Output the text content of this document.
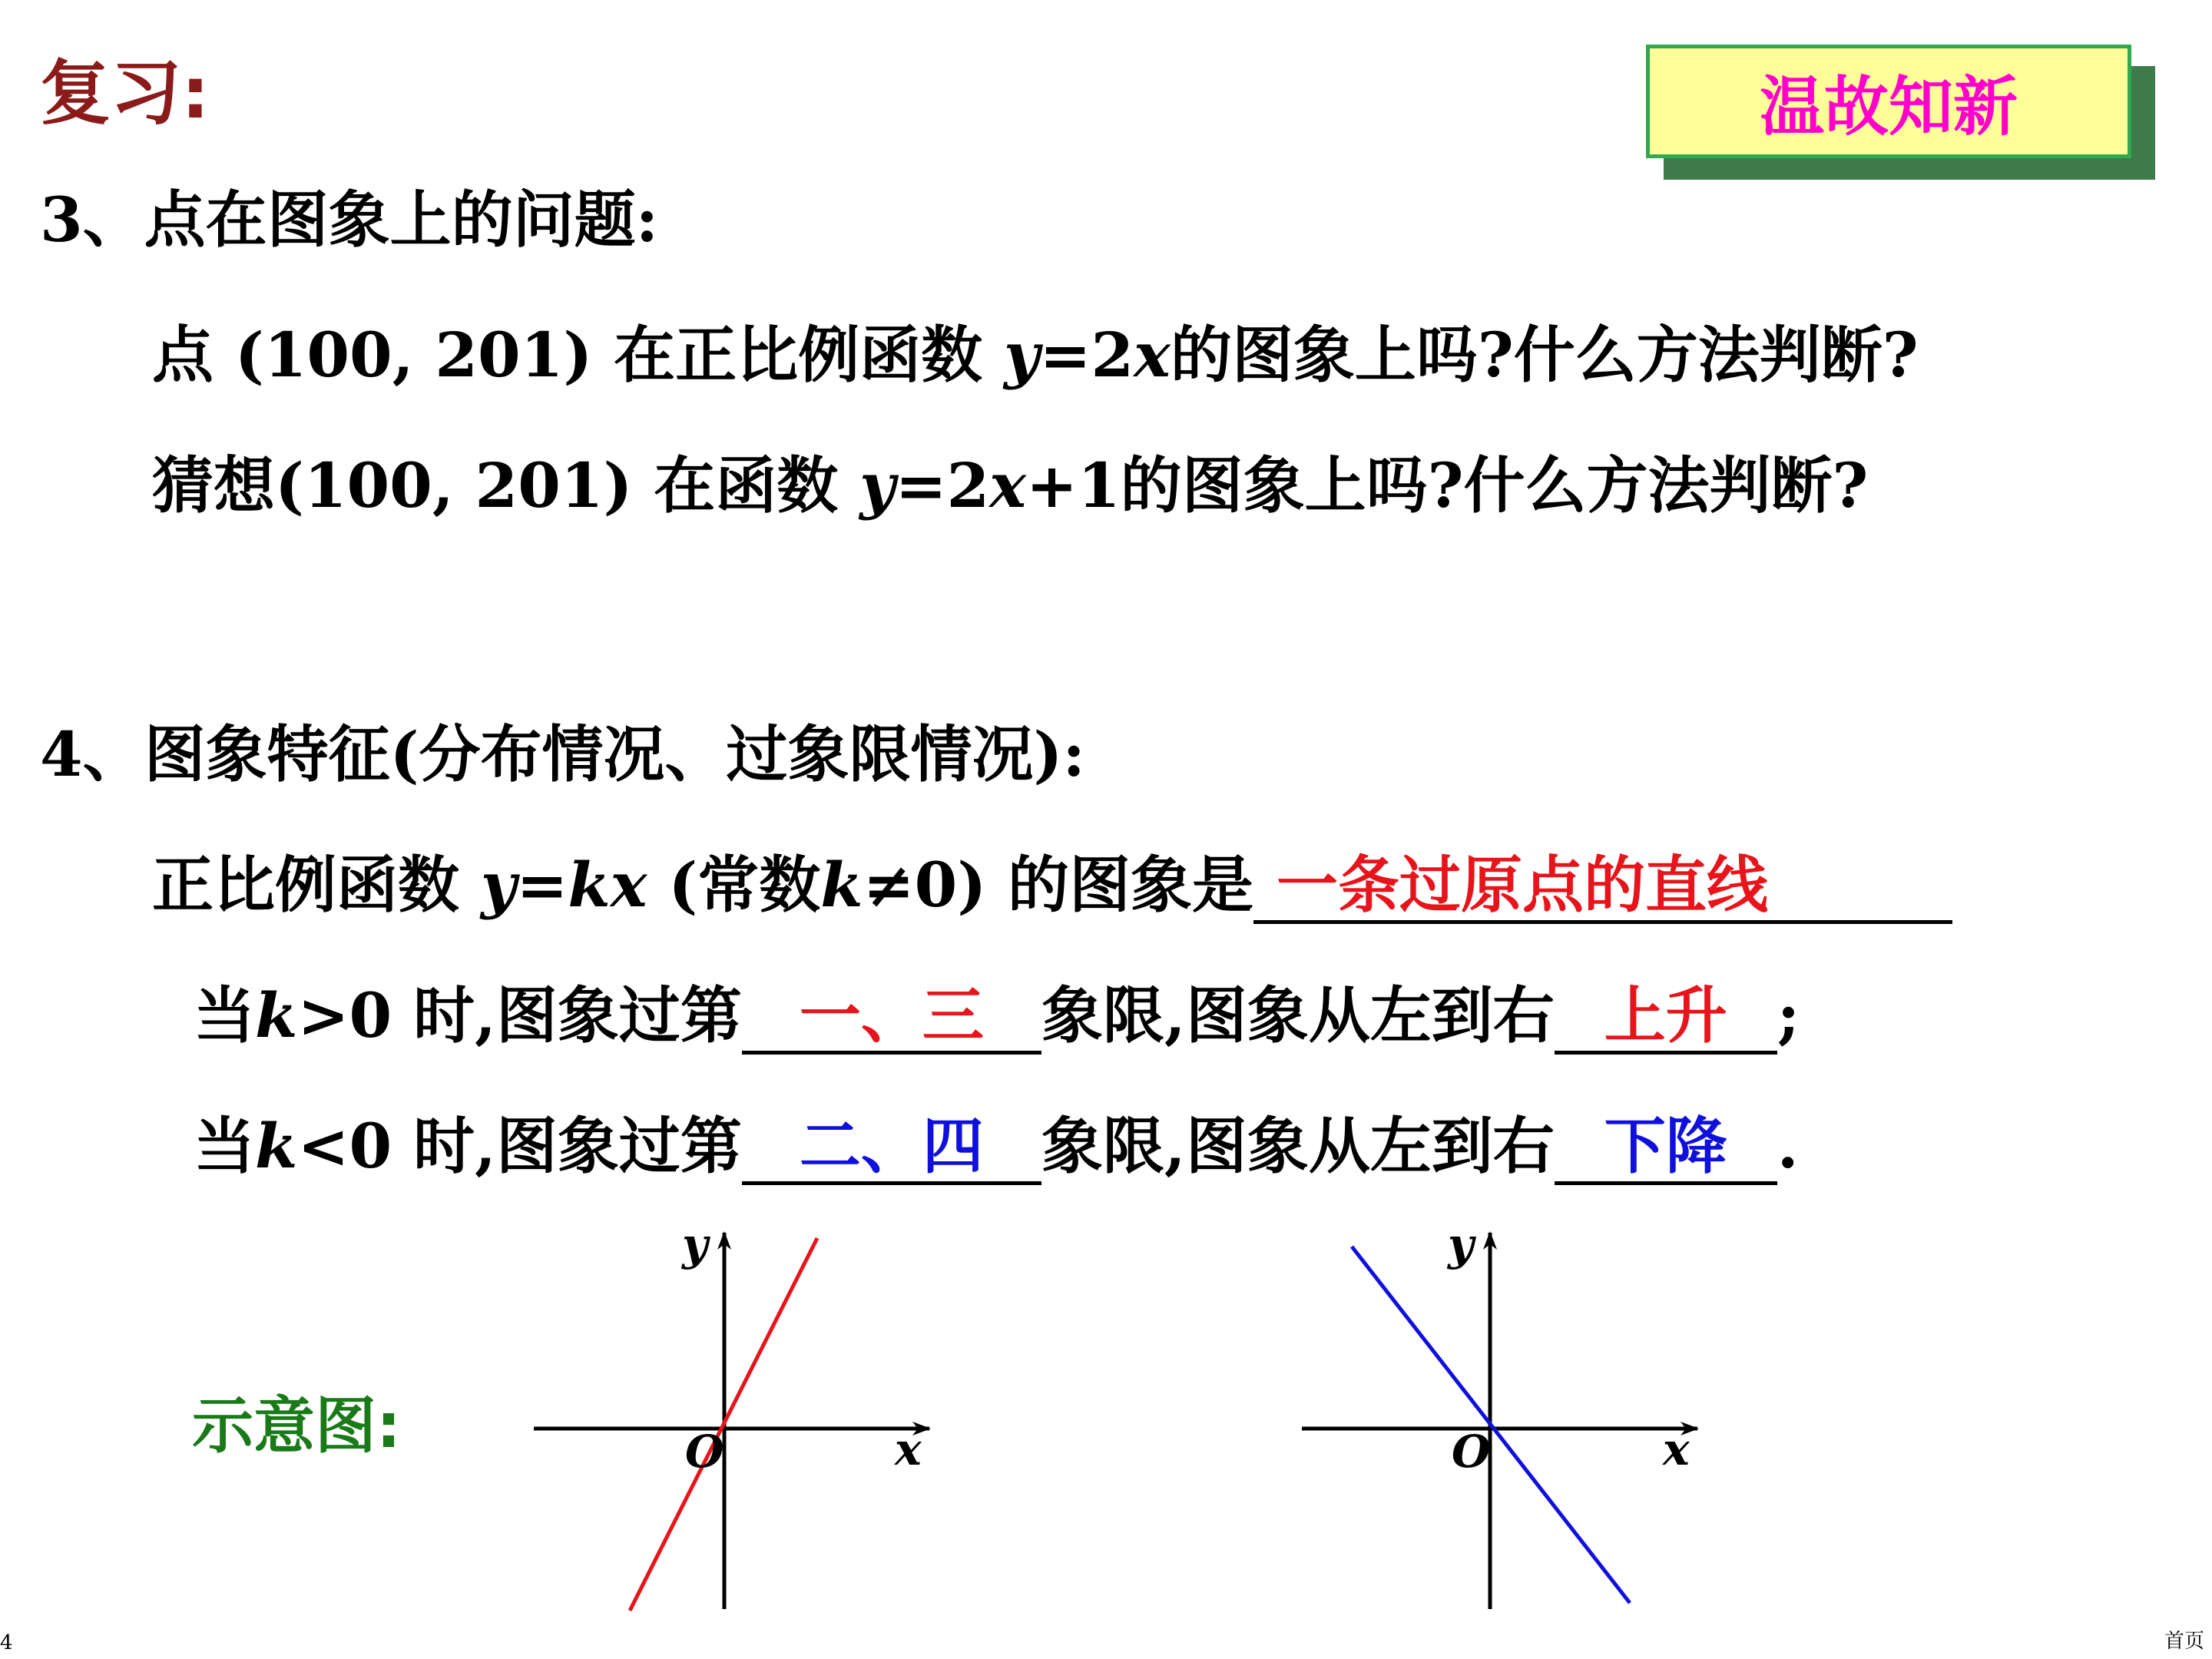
复习:	温故知新
3、点在图象上的问题:
点 (100, 201) 在正比例函数 y=2x的图象上吗?什么方法判断?
猜想(100, 201) 在函数 y=2x+1的图象上吗?什么方法判断?
4、图象特征(分布情况、过象限情况):
正比例函数 y=kx (常数k≠0) 的图象是 一条过原点的直线
当k>0 时,图象过第 一、三 象限,图象从左到右 上升 ;
当k<0 时,图象过第 二、四 象限,图象从左到右 下降 .
示意图:
y
O	x
y
O	x
4	首页
